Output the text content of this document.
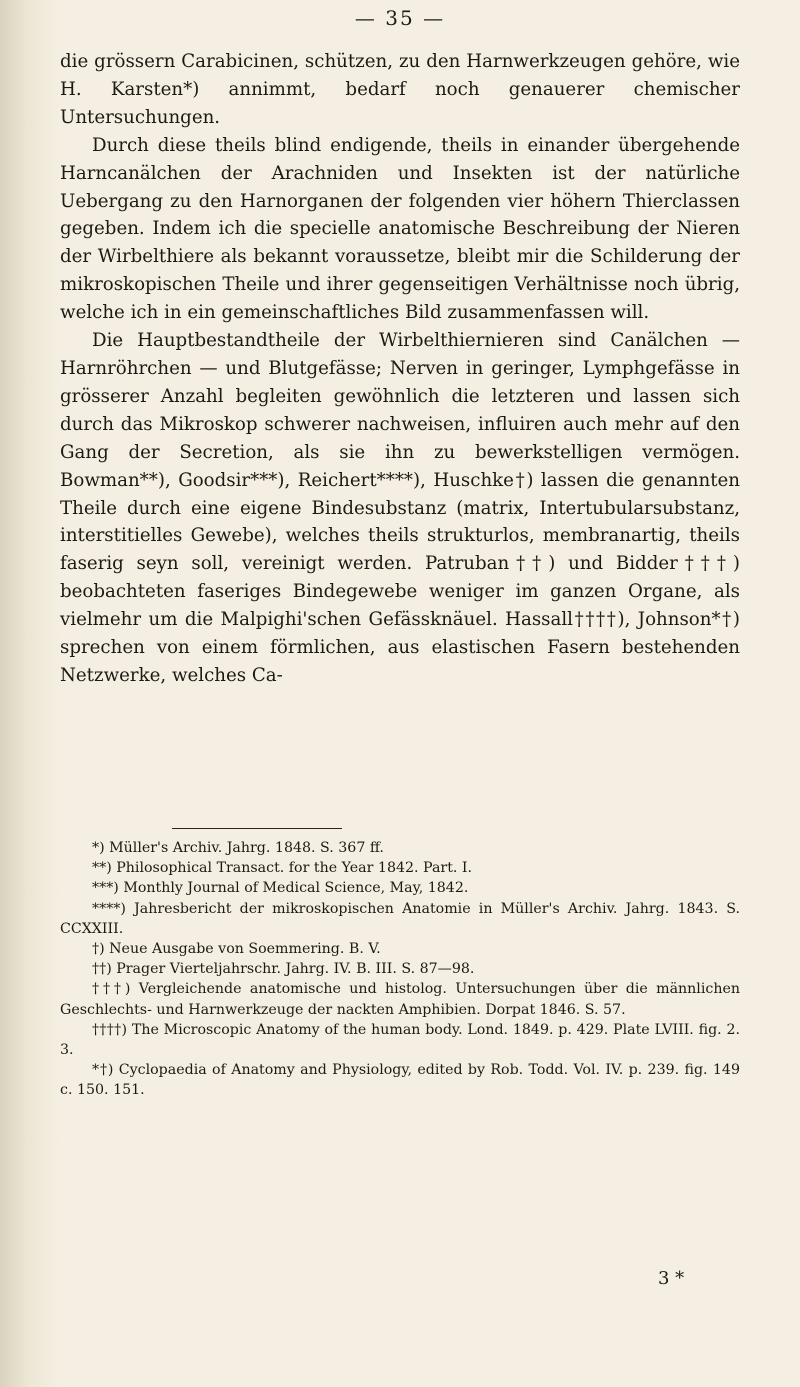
— 35 —

die grössern Carabicinen, schützen, zu den Harnwerkzeugen gehöre, wie H. Karsten*) annimmt, bedarf noch genauerer chemischer Untersuchungen.

Durch diese theils blind endigende, theils in einander übergehende Harncanälchen der Arachniden und Insekten ist der natürliche Uebergang zu den Harnorganen der folgenden vier höhern Thierclassen gegeben. Indem ich die specielle anatomische Beschreibung der Nieren der Wirbelthiere als bekannt voraussetze, bleibt mir die Schilderung der mikroskopischen Theile und ihrer gegenseitigen Verhältnisse noch übrig, welche ich in ein gemeinschaftliches Bild zusammenfassen will.

Die Hauptbestandtheile der Wirbelthiernieren sind Canälchen — Harnröhrchen — und Blutgefässe; Nerven in geringer, Lymphgefässe in grösserer Anzahl begleiten gewöhnlich die letzteren und lassen sich durch das Mikroskop schwerer nachweisen, influiren auch mehr auf den Gang der Secretion, als sie ihn zu bewerkstelligen vermögen. Bowman**), Goodsir***), Reichert****), Huschke†) lassen die genannten Theile durch eine eigene Bindesubstanz (matrix, Intertubularsubstanz, interstitielles Gewebe), welches theils strukturlos, membranartig, theils faserig seyn soll, vereinigt werden. Patruban††) und Bidder†††) beobachteten faseriges Bindegewebe weniger im ganzen Organe, als vielmehr um die Malpighi'schen Gefässknäuel. Hassall††††), Johnson*†) sprechen von einem förmlichen, aus elastischen Fasern bestehenden Netzwerke, welches Ca-

*) Müller's Archiv. Jahrg. 1848. S. 367 ff.

**) Philosophical Transact. for the Year 1842. Part. I.

***) Monthly Journal of Medical Science, May, 1842.

****) Jahresbericht der mikroskopischen Anatomie in Müller's Archiv. Jahrg. 1843. S. CCXXIII.

†) Neue Ausgabe von Soemmering. B. V.

††) Prager Vierteljahrschr. Jahrg. IV. B. III. S. 87—98.

†††) Vergleichende anatomische und histolog. Untersuchungen über die männlichen Geschlechts- und Harnwerkzeuge der nackten Amphibien. Dorpat 1846. S. 57.

††††) The Microscopic Anatomy of the human body. Lond. 1849. p. 429. Plate LVIII. fig. 2. 3.

*†) Cyclopaedia of Anatomy and Physiology, edited by Rob. Todd. Vol. IV. p. 239. fig. 149 c. 150. 151.

3 *
